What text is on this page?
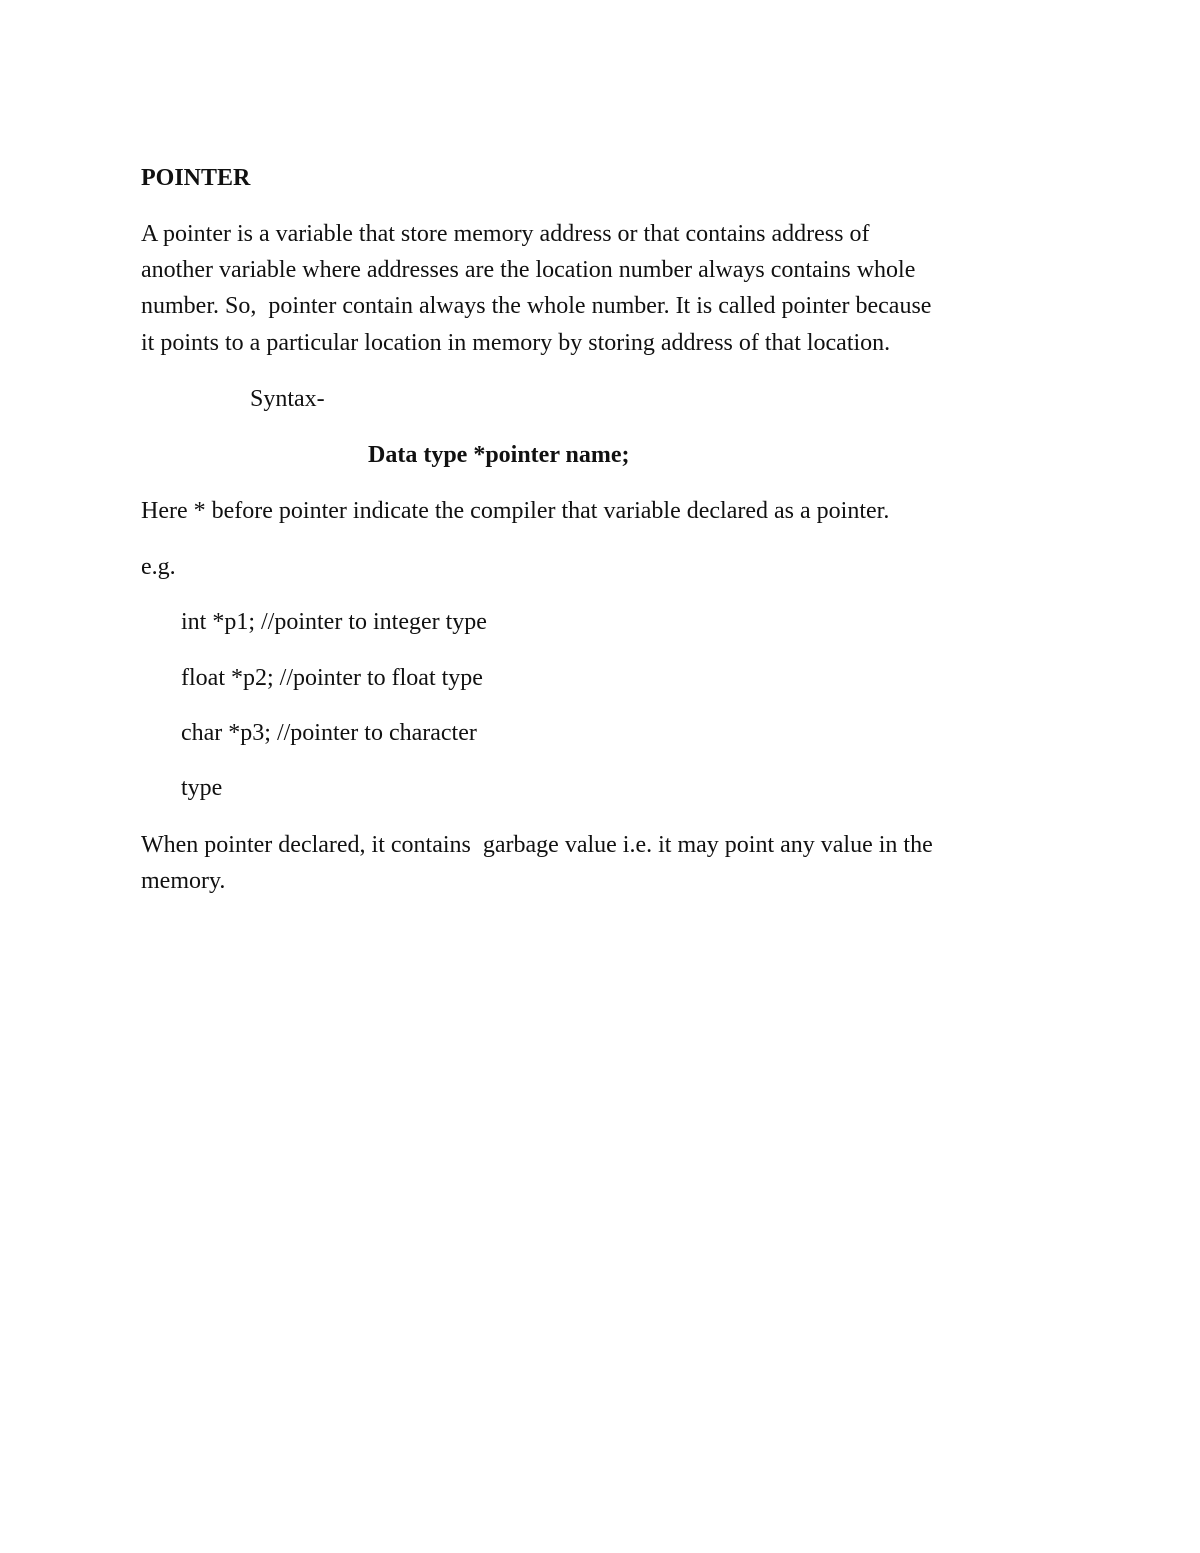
POINTER

A pointer is a variable that store memory address or that contains address of

another variable where addresses are the location number always contains whole

number. So,  pointer contain always the whole number. It is called pointer because

it points to a particular location in memory by storing address of that location.

Syntax-

Data type *pointer name;

Here * before pointer indicate the compiler that variable declared as a pointer.

e.g.

int *p1; //pointer to integer type

float *p2; //pointer to float type

char *p3; //pointer to character

type

When pointer declared, it contains  garbage value i.e. it may point any value in the

memory.
